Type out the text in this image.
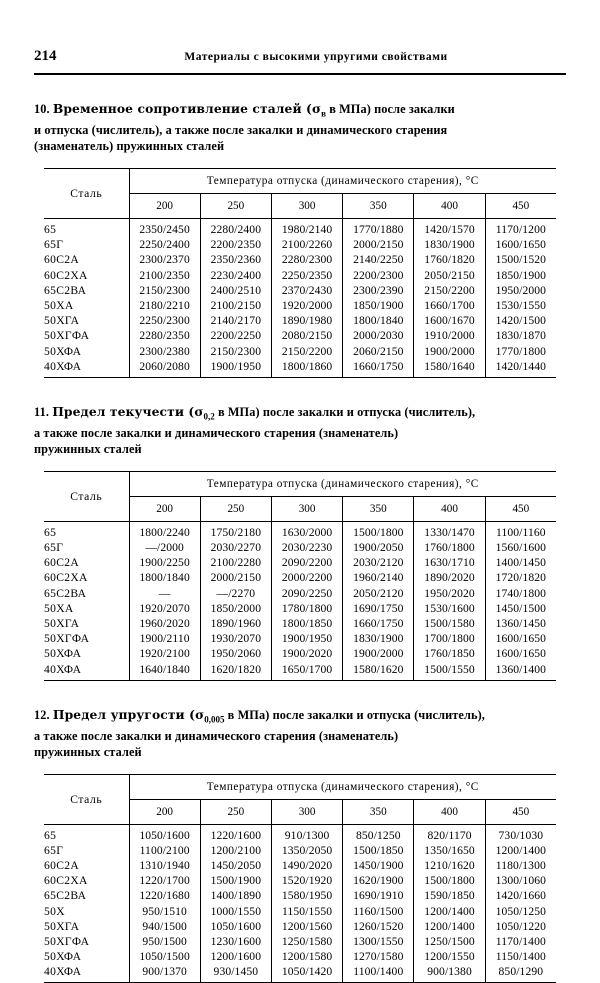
214	Материалы с высокими упругими свойствами
10. Временное сопротивление сталей ($\sigma_в$ в МПа) после закалки
и отпуска (числитель), а также после закалки и динамического старения
(знаменатель) пружинных сталей
Сталь	Температура отпуска (динамического старения), °C					
	200	250	300	350	400	450
65	2350/2450	2280/2400	1980/2140	1770/1880	1420/1570	1170/1200
65Г	2250/2400	2200/2350	2100/2260	2000/2150	1830/1900	1600/1650
60С2А	2300/2370	2350/2360	2280/2300	2140/2250	1760/1820	1500/1520
60С2ХА	2100/2350	2230/2400	2250/2350	2200/2300	2050/2150	1850/1900
65С2ВА	2150/2300	2400/2510	2370/2430	2300/2390	2150/2200	1950/2000
50ХА	2180/2210	2100/2150	1920/2000	1850/1900	1660/1700	1530/1550
50ХГА	2250/2300	2140/2170	1890/1980	1800/1840	1600/1670	1420/1500
50ХГФА	2280/2350	2200/2250	2080/2150	2000/2030	1910/2000	1830/1870
50ХФА	2300/2380	2150/2300	2150/2200	2060/2150	1900/2000	1770/1800
40ХФА	2060/2080	1900/1950	1800/1860	1660/1750	1580/1640	1420/1440
11. Предел текучести ($\sigma_{0,2}$ в МПа) после закалки и отпуска (числитель),
а также после закалки и динамического старения (знаменатель)
пружинных сталей
Сталь	Температура отпуска (динамического старения), °C					
	200	250	300	350	400	450
65	1800/2240	1750/2180	1630/2000	1500/1800	1330/1470	1100/1160
65Г	—/2000	2030/2270	2030/2230	1900/2050	1760/1800	1560/1600
60С2А	1900/2250	2100/2280	2090/2200	2030/2120	1630/1710	1400/1450
60С2ХА	1800/1840	2000/2150	2000/2200	1960/2140	1890/2020	1720/1820
65С2ВА	—	—/2270	2090/2250	2050/2120	1950/2020	1740/1800
50ХА	1920/2070	1850/2000	1780/1800	1690/1750	1530/1600	1450/1500
50ХГА	1960/2020	1890/1960	1800/1850	1660/1750	1500/1580	1360/1450
50ХГФА	1900/2110	1930/2070	1900/1950	1830/1900	1700/1800	1600/1650
50ХФА	1920/2100	1950/2060	1900/2020	1900/2000	1760/1850	1600/1650
40ХФА	1640/1840	1620/1820	1650/1700	1580/1620	1500/1550	1360/1400
12. Предел упругости ($\sigma_{0,005}$ в МПа) после закалки и отпуска (числитель),
а также после закалки и динамического старения (знаменатель)
пружинных сталей
Сталь	Температура отпуска (динамического старения), °C					
	200	250	300	350	400	450
65	1050/1600	1220/1600	910/1300	850/1250	820/1170	730/1030
65Г	1100/2100	1200/2100	1350/2050	1500/1850	1350/1650	1200/1400
60С2А	1310/1940	1450/2050	1490/2020	1450/1900	1210/1620	1180/1300
60С2ХА	1220/1700	1500/1900	1520/1920	1620/1900	1500/1800	1300/1060
65С2ВА	1220/1680	1400/1890	1580/1950	1690/1910	1590/1850	1420/1660
50Х	950/1510	1000/1550	1150/1550	1160/1500	1200/1400	1050/1250
50ХГА	940/1500	1050/1600	1200/1560	1260/1520	1200/1400	1050/1220
50ХГФА	950/1500	1230/1600	1250/1580	1300/1550	1250/1500	1170/1400
50ХФА	1050/1500	1200/1600	1200/1580	1270/1580	1200/1550	1150/1400
40ХФА	900/1370	930/1450	1050/1420	1100/1400	900/1380	850/1290
